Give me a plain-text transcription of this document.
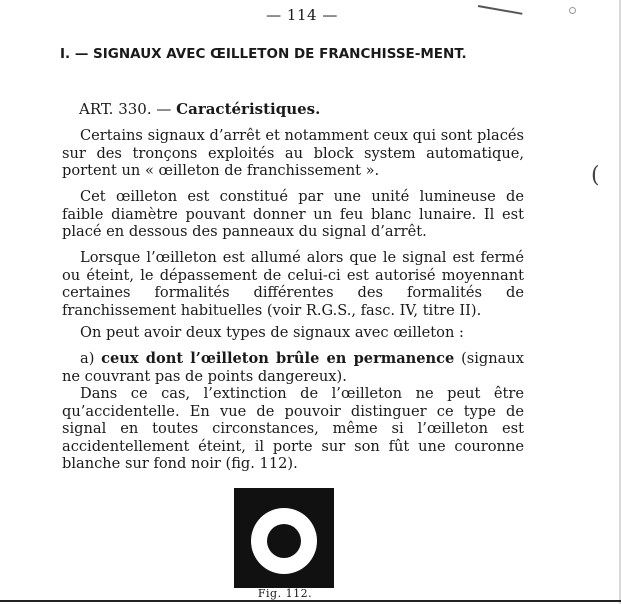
(
— 114 —
I. — SIGNAUX AVEC ŒILLETON DE FRANCHISSE-MENT.
ART. 330. — Caractéristiques.

Certains signaux d’arrêt et notamment ceux qui sont placés sur des tronçons exploités au block system automatique, portent un « œilleton de franchissement ».

Cet œilleton est constitué par une unité lumineuse de faible diamètre pouvant donner un feu blanc lunaire. Il est placé en dessous des panneaux du signal d’arrêt.

Lorsque l’œilleton est allumé alors que le signal est fermé ou éteint, le dépassement de celui-ci est autorisé moyennant certaines formalités différentes des formalités de franchissement habituelles (voir R.G.S., fasc. IV, titre II).

On peut avoir deux types de signaux avec œilleton :

a) ceux dont l’œilleton brûle en permanence (signaux ne couvrant pas de points dangereux).

Dans ce cas, l’extinction de l’œilleton ne peut être qu’accidentelle. En vue de pouvoir distinguer ce type de signal en toutes circonstances, même si l’œilleton est accidentellement éteint, il porte sur son fût une couronne blanche sur fond noir (fig. 112).

Fig. 112.
